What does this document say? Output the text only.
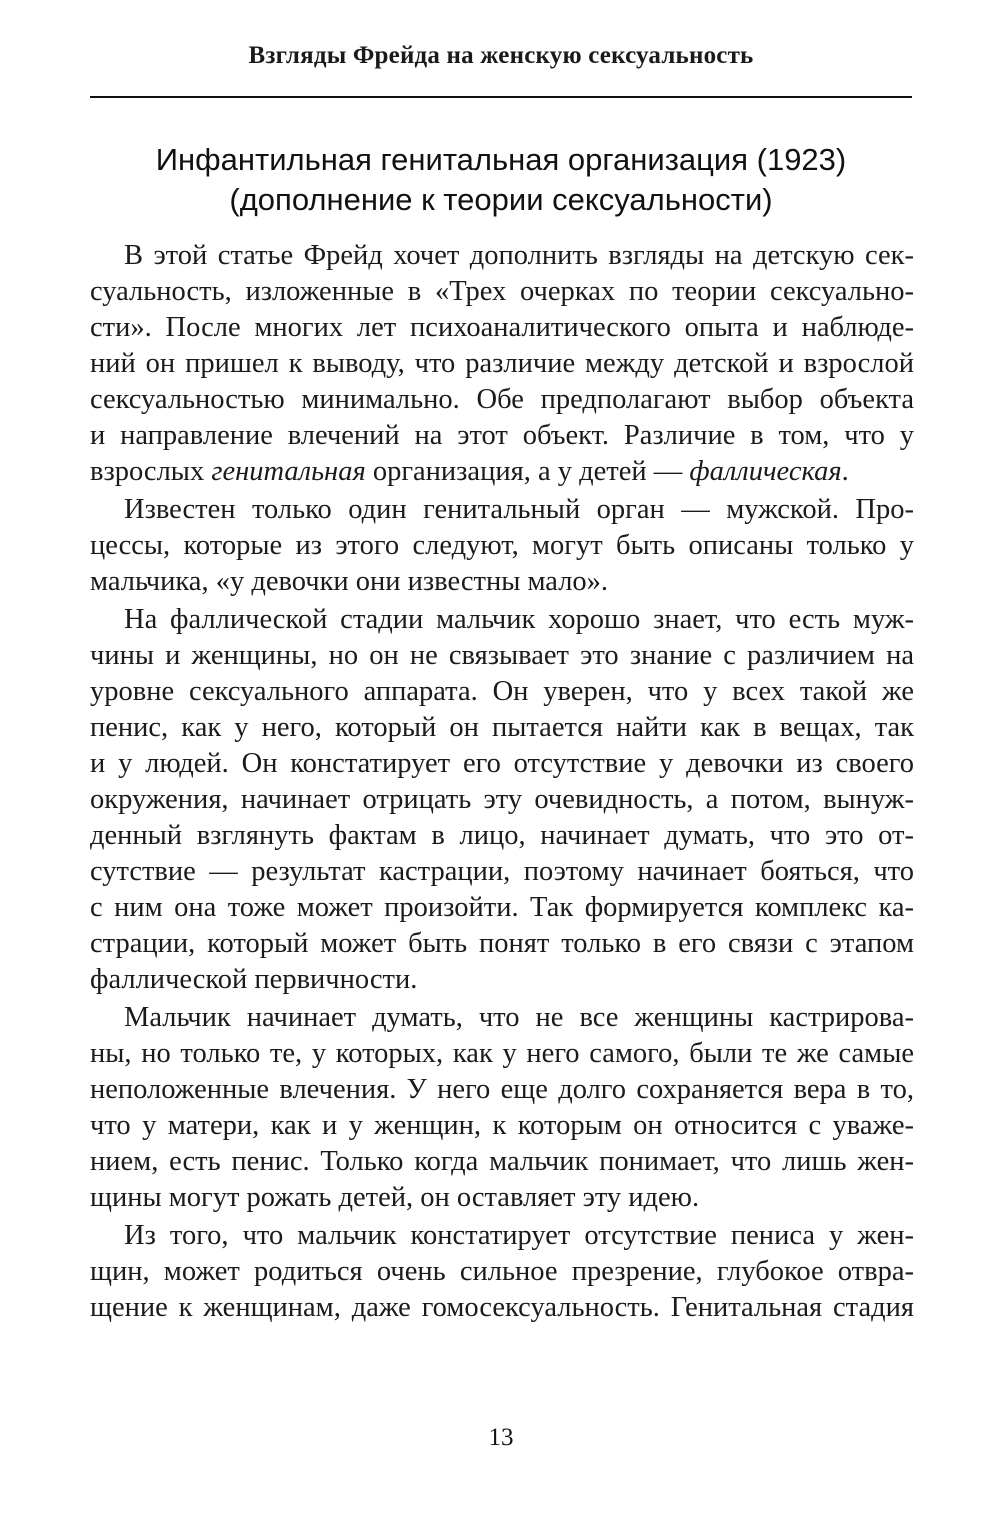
Взгляды Фрейда на женскую сексуальность
Инфантильная генитальная организация (1923)
(дополнение к теории сексуальности)
В этой статье Фрейд хочет дополнить взгляды на детскую сек-
суальность, изложенные в «Трех очерках по теории сексуально-
сти». После многих лет психоаналитического опыта и наблюде-
ний он пришел к выводу, что различие между детской и взрослой
сексуальностью минимально. Обе предполагают выбор объекта
и направление влечений на этот объект. Различие в том, что у
взрослых генитальная организация, а у детей — фаллическая.
Известен только один генитальный орган — мужской. Про-
цессы, которые из этого следуют, могут быть описаны только у
мальчика, «у девочки они известны мало».
На фаллической стадии мальчик хорошо знает, что есть муж-
чины и женщины, но он не связывает это знание с различием на
уровне сексуального аппарата. Он уверен, что у всех такой же
пенис, как у него, который он пытается найти как в вещах, так
и у людей. Он констатирует его отсутствие у девочки из своего
окружения, начинает отрицать эту очевидность, а потом, вынуж-
денный взглянуть фактам в лицо, начинает думать, что это от-
сутствие — результат кастрации, поэтому начинает бояться, что
с ним она тоже может произойти. Так формируется комплекс ка-
страции, который может быть понят только в его связи с этапом
фаллической первичности.
Мальчик начинает думать, что не все женщины кастрирова-
ны, но только те, у которых, как у него самого, были те же самые
неположенные влечения. У него еще долго сохраняется вера в то,
что у матери, как и у женщин, к которым он относится с уваже-
нием, есть пенис. Только когда мальчик понимает, что лишь жен-
щины могут рожать детей, он оставляет эту идею.
Из того, что мальчик констатирует отсутствие пениса у жен-
щин, может родиться очень сильное презрение, глубокое отвра-
щение к женщинам, даже гомосексуальность. Генитальная стадия
13
